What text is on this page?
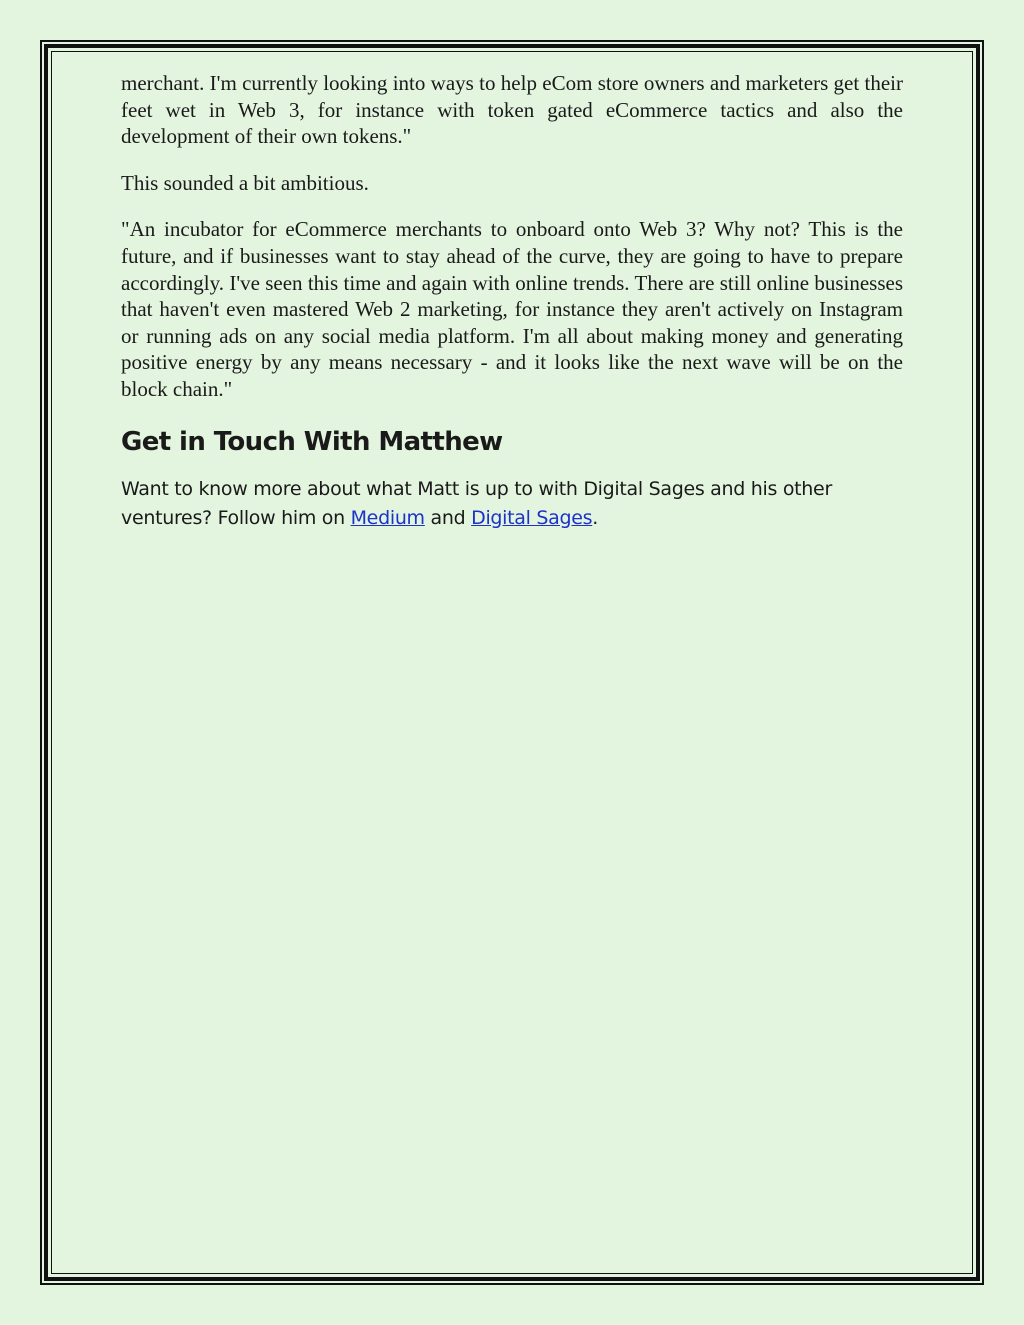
merchant. I'm currently looking into ways to help eCom store owners and marketers get their feet wet in Web 3, for instance with token gated eCommerce tactics and also the development of their own tokens."

This sounded a bit ambitious.

"An incubator for eCommerce merchants to onboard onto Web 3? Why not? This is the future, and if businesses want to stay ahead of the curve, they are going to have to prepare accordingly. I've seen this time and again with online trends. There are still online businesses that haven't even mastered Web 2 marketing, for instance they aren't actively on Instagram or running ads on any social media platform. I'm all about making money and generating positive energy by any means necessary - and it looks like the next wave will be on the block chain."

Get in Touch With Matthew

Want to know more about what Matt is up to with Digital Sages and his other ventures? Follow him on Medium and Digital Sages.
